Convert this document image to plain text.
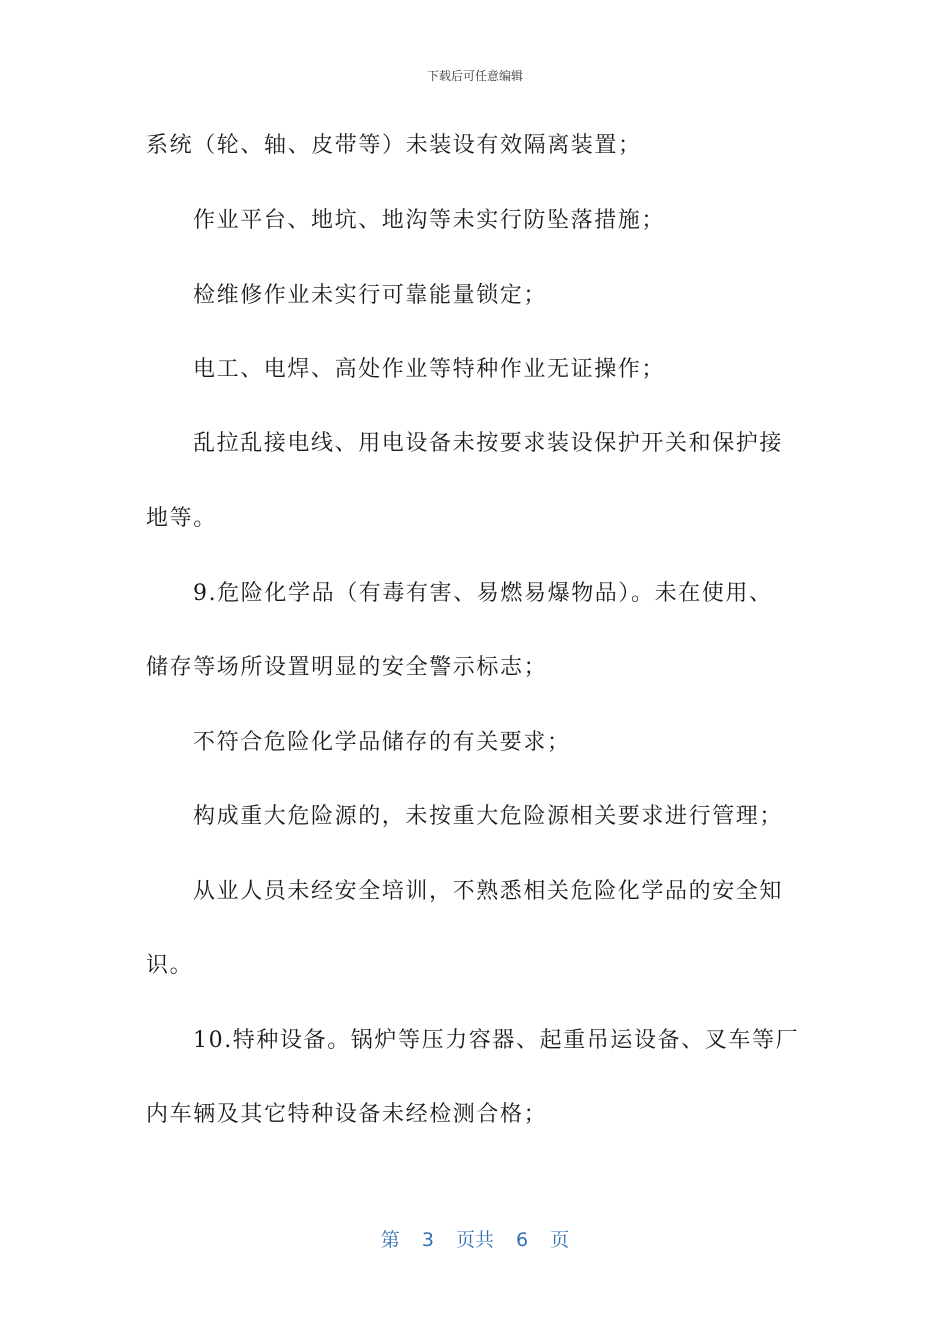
下载后可任意编辑
系统（轮、轴、皮带等）未装设有效隔离装置；
作业平台、地坑、地沟等未实行防坠落措施；
检维修作业未实行可靠能量锁定；
电工、电焊、高处作业等特种作业无证操作；
乱拉乱接电线、用电设备未按要求装设保护开关和保护接
地等。
9.危险化学品（有毒有害、易燃易爆物品）。未在使用、
储存等场所设置明显的安全警示标志；
不符合危险化学品储存的有关要求；
构成重大危险源的，未按重大危险源相关要求进行管理；
从业人员未经安全培训，不熟悉相关危险化学品的安全知
识。
10.特种设备。锅炉等压力容器、起重吊运设备、叉车等厂
内车辆及其它特种设备未经检测合格；
第 3 页共 6 页
